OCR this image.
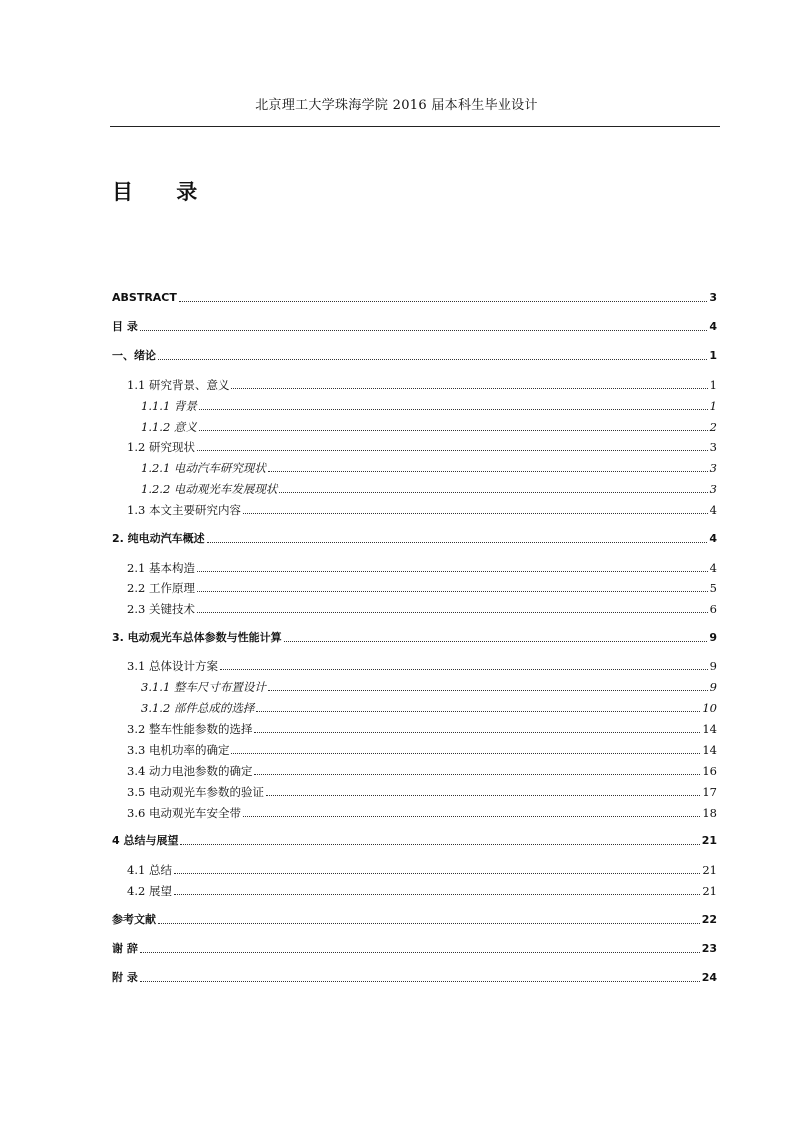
北京理工大学珠海学院 2016 届本科生毕业设计
目 录
ABSTRACT	3
目 录	4
一、绪论	1
1.1 研究背景、意义	1
1.1.1 背景	1
1.1.2 意义	2
1.2 研究现状	3
1.2.1 电动汽车研究现状	3
1.2.2 电动观光车发展现状	3
1.3 本文主要研究内容	4
2. 纯电动汽车概述	4
2.1 基本构造	4
2.2 工作原理	5
2.3 关键技术	6
3. 电动观光车总体参数与性能计算	9
3.1 总体设计方案	9
3.1.1 整车尺寸布置设计	9
3.1.2 部件总成的选择	10
3.2 整车性能参数的选择	14
3.3 电机功率的确定	14
3.4 动力电池参数的确定	16
3.5 电动观光车参数的验证	17
3.6 电动观光车安全带	18
4 总结与展望	21
4.1 总结	21
4.2 展望	21
参考文献	22
谢 辞	23
附 录	24
